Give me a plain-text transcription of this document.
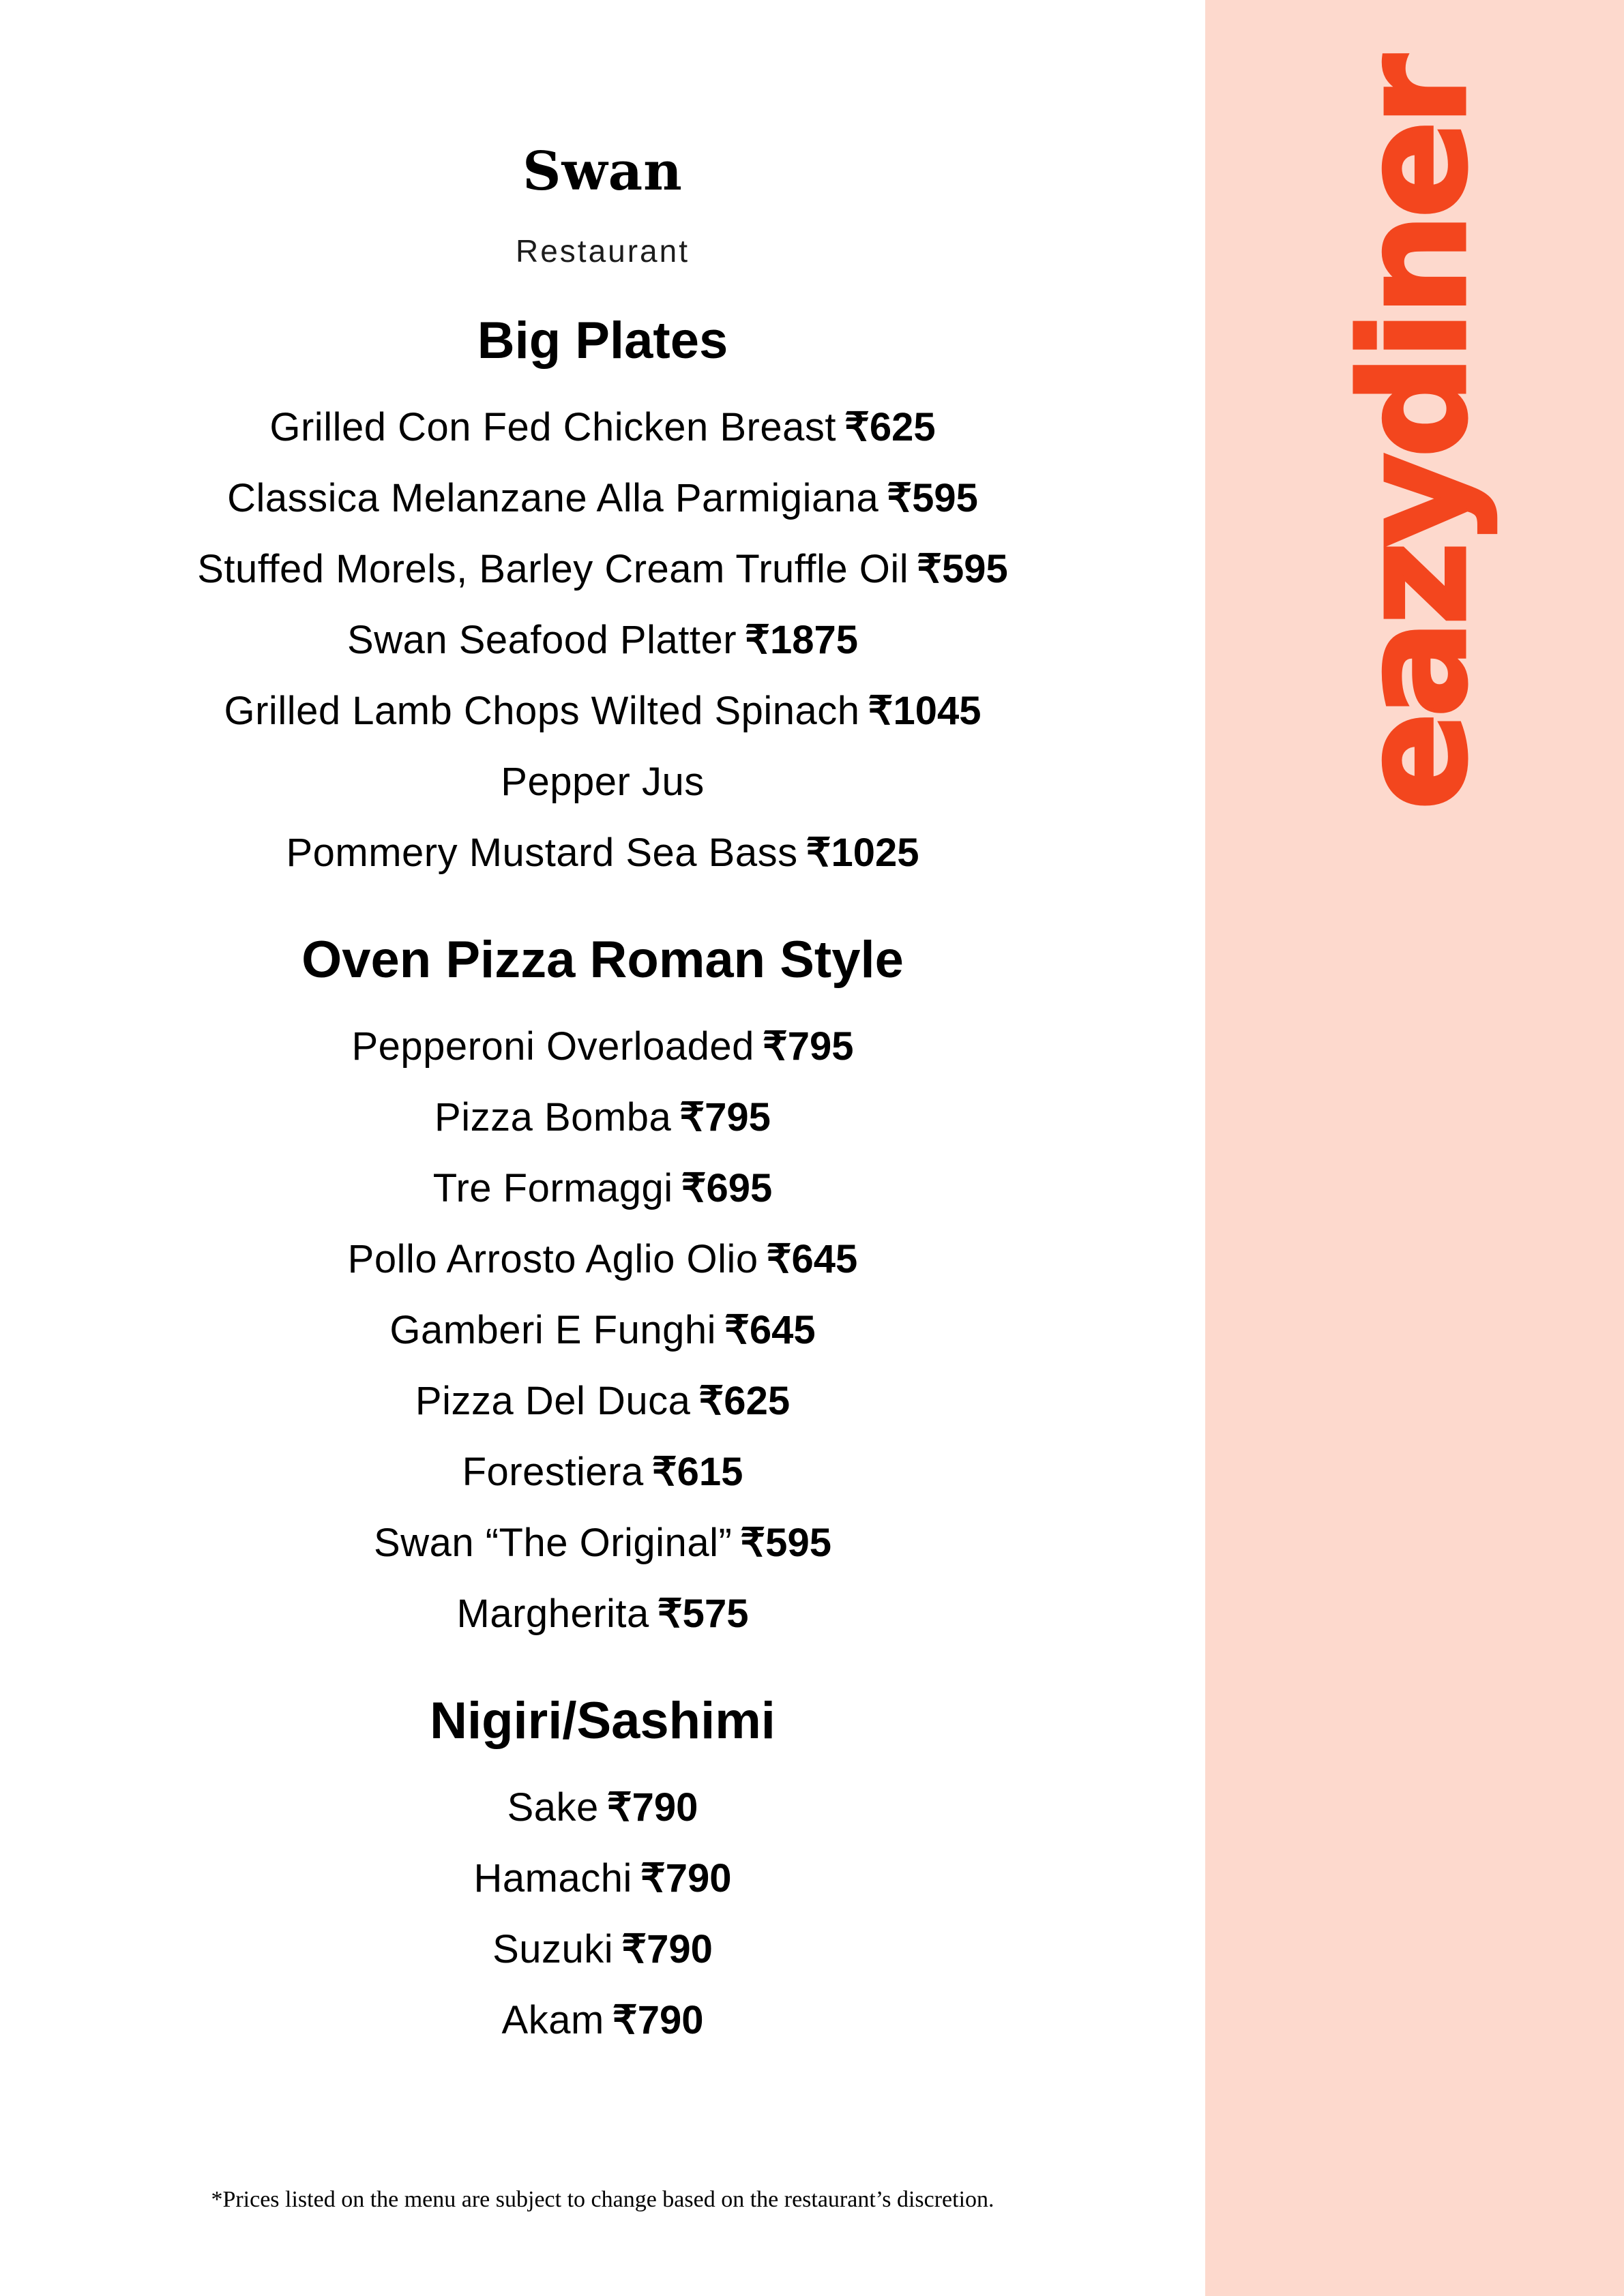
Swan
Restaurant
Big Plates
Grilled Con Fed Chicken Breast ₹625
Classica Melanzane Alla Parmigiana ₹595
Stuffed Morels, Barley Cream Truffle Oil ₹595
Swan Seafood Platter ₹1875
Grilled Lamb Chops Wilted Spinach ₹1045
Pepper Jus
Pommery Mustard Sea Bass ₹1025
Oven Pizza Roman Style
Pepperoni Overloaded ₹795
Pizza Bomba ₹795
Tre Formaggi ₹695
Pollo Arrosto Aglio Olio ₹645
Gamberi E Funghi ₹645
Pizza Del Duca ₹625
Forestiera ₹615
Swan “The Original” ₹595
Margherita ₹575
Nigiri/Sashimi
Sake ₹790
Hamachi ₹790
Suzuki ₹790
Akam ₹790
*Prices listed on the menu are subject to change based on the restaurant’s discretion.
eazydiner
